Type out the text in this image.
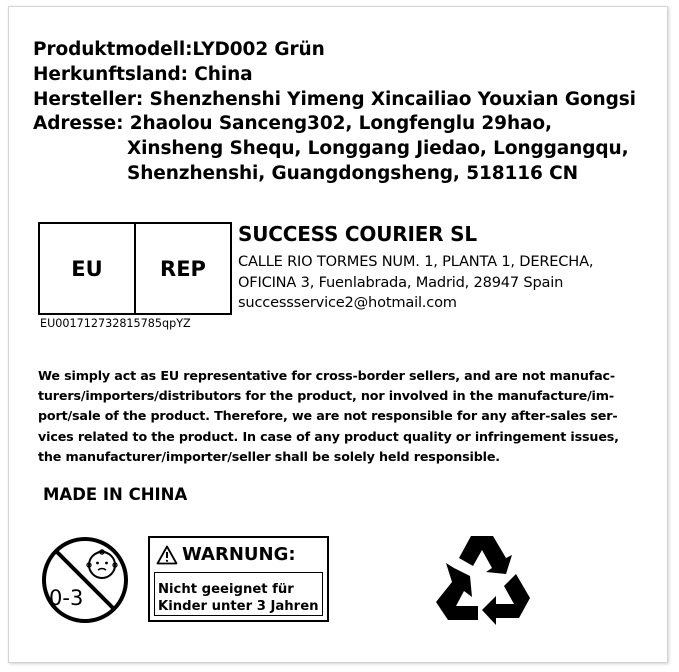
Produktmodell:LYD002 Grün
Herkunftsland: China
Hersteller: Shenzhenshi Yimeng Xincailiao Youxian Gongsi
Adresse: 2haolou Sanceng302, Longfenglu 29hao,
Xinsheng Shequ, Longgang Jiedao, Longgangqu,
Shenzhenshi, Guangdongsheng, 518116 CN
EU	REP
EU001712732815785qpYZ
SUCCESS COURIER SL
CALLE RIO TORMES NUM. 1, PLANTA 1, DERECHA,
OFICINA 3, Fuenlabrada, Madrid, 28947 Spain
successservice2@hotmail.com
We simply act as EU representative for cross-border sellers, and are not manufac-
turers/importers/distributors for the product, nor involved in the manufacture/im-
port/sale of the product. Therefore, we are not responsible for any after-sales ser-
vices related to the product. In case of any product quality or infringement issues,
the manufacturer/importer/seller shall be solely held responsible.
MADE IN CHINA
0-3
WARNUNG:
Nicht geeignet für
Kinder unter 3 Jahren
